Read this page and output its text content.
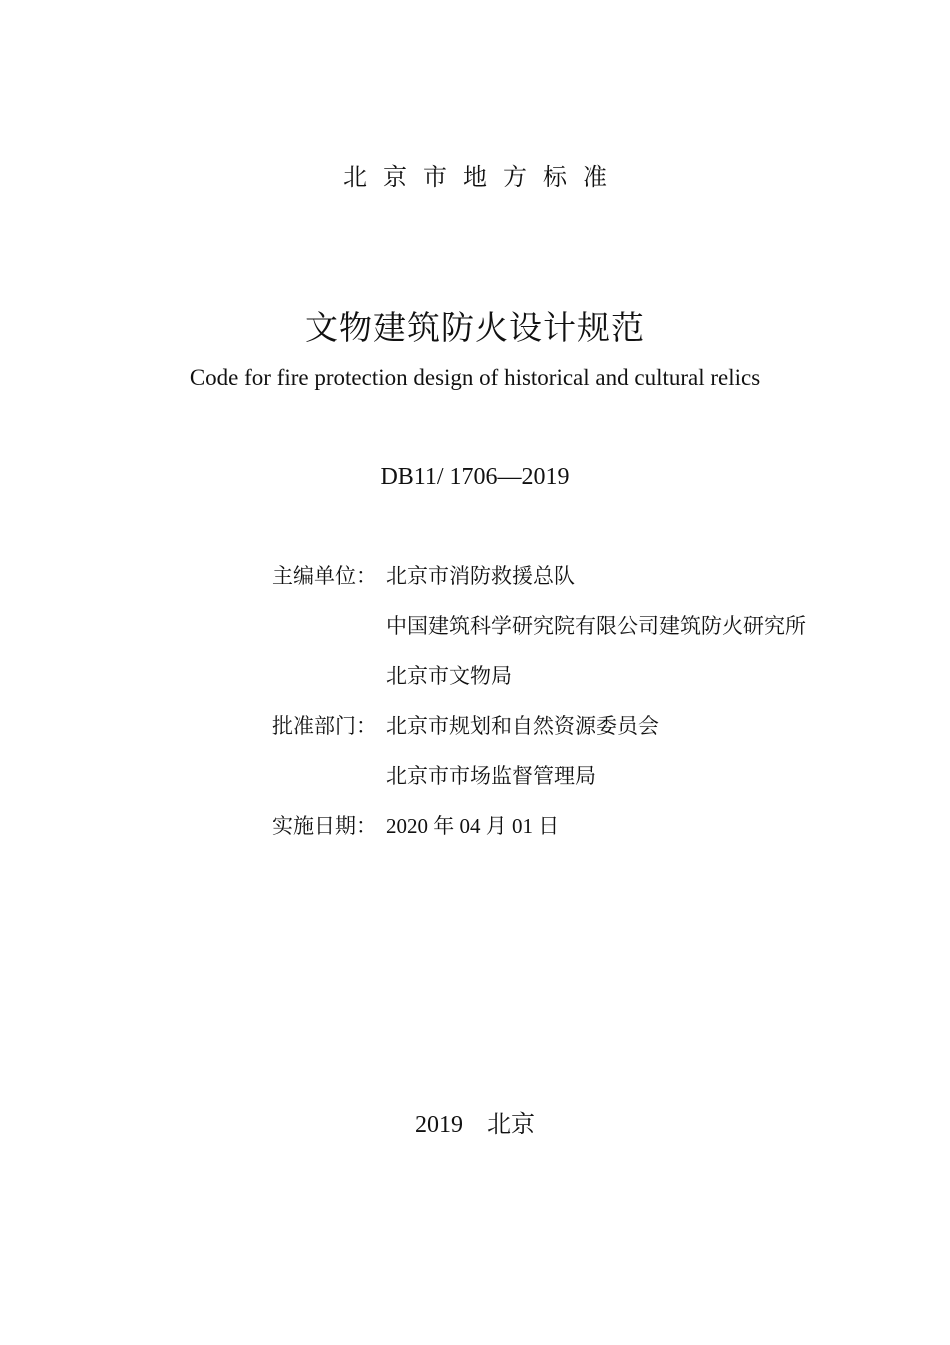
北京市地方标准
文物建筑防火设计规范
Code for fire protection design of historical and cultural relics
DB11/ 1706—2019
主编单位： 北京市消防救援总队
中国建筑科学研究院有限公司建筑防火研究所
北京市文物局
批准部门： 北京市规划和自然资源委员会
北京市市场监督管理局
实施日期： 2020 年 04 月 01 日
2019 北京
